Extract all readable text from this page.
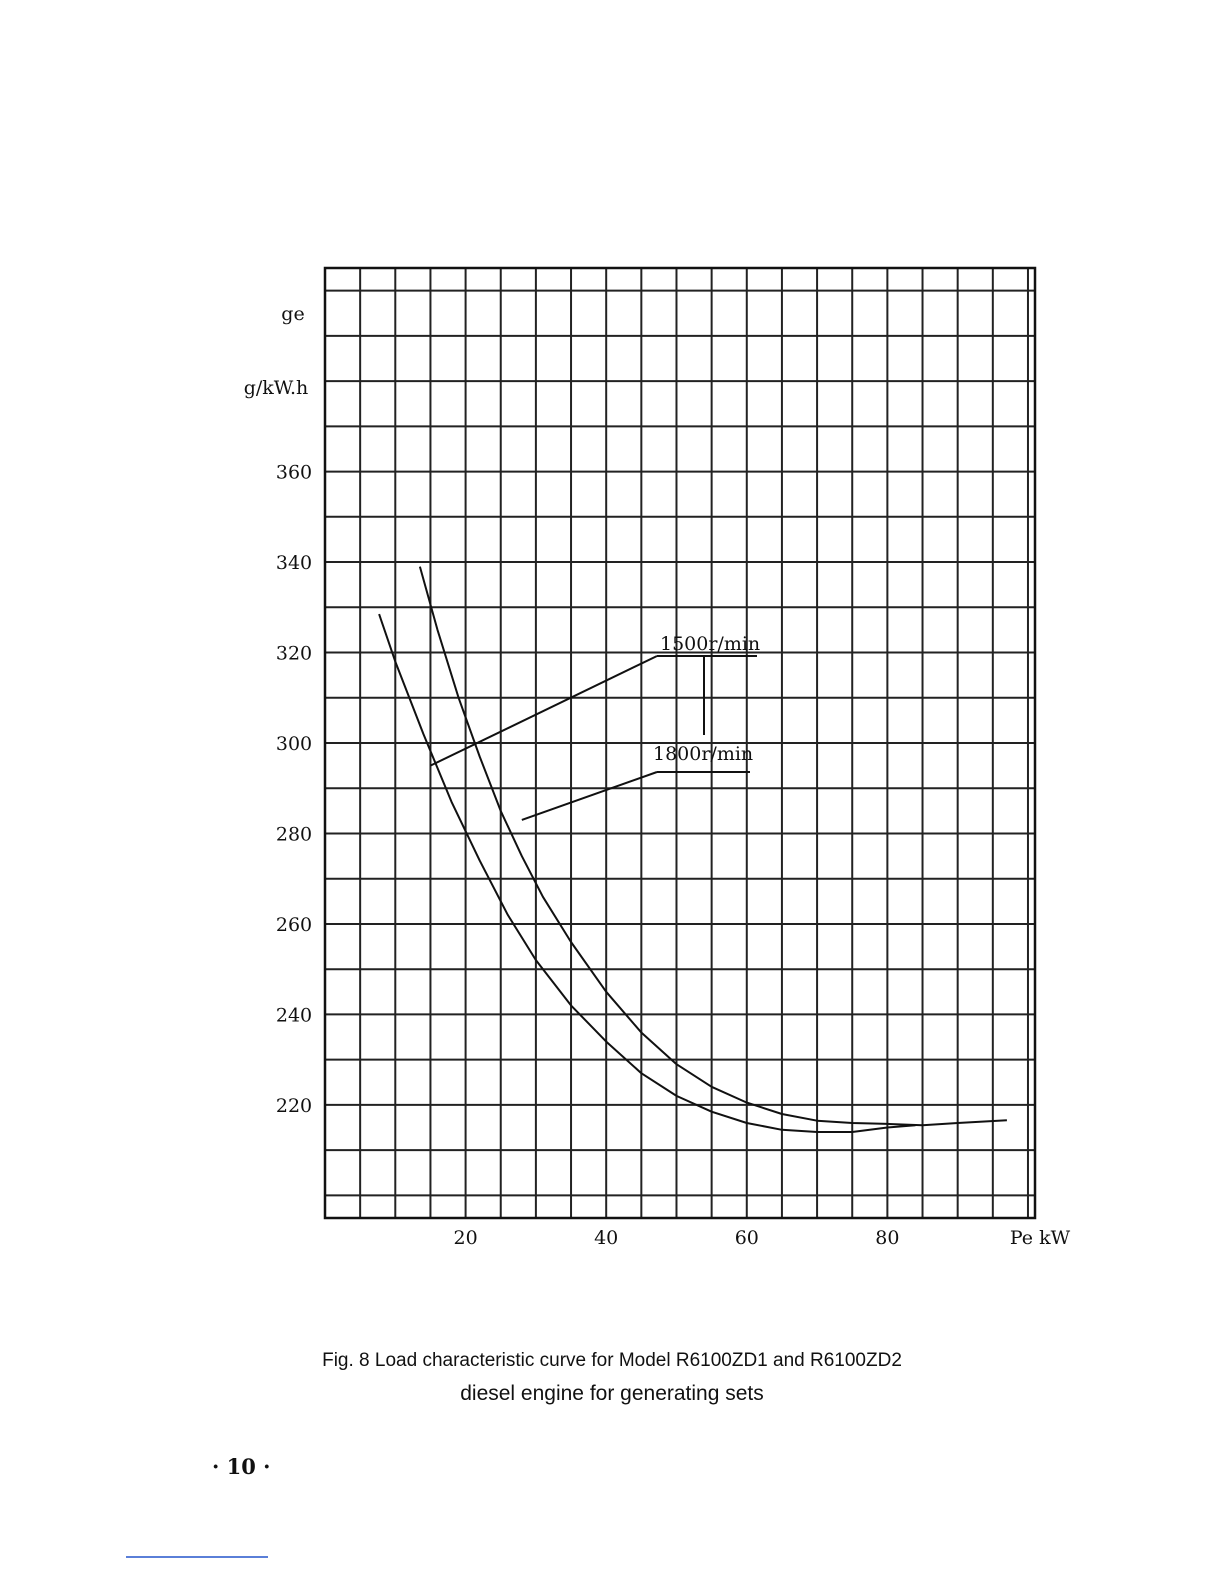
1500r/min
1800r/min
220
240
260
280
300
320
340
360
20	40	60	80
ge
g/kW.h
Pe kW
Fig. 8 Load characteristic curve for Model R6100ZD1 and R6100ZD2
diesel engine for generating sets
· 10 ·
